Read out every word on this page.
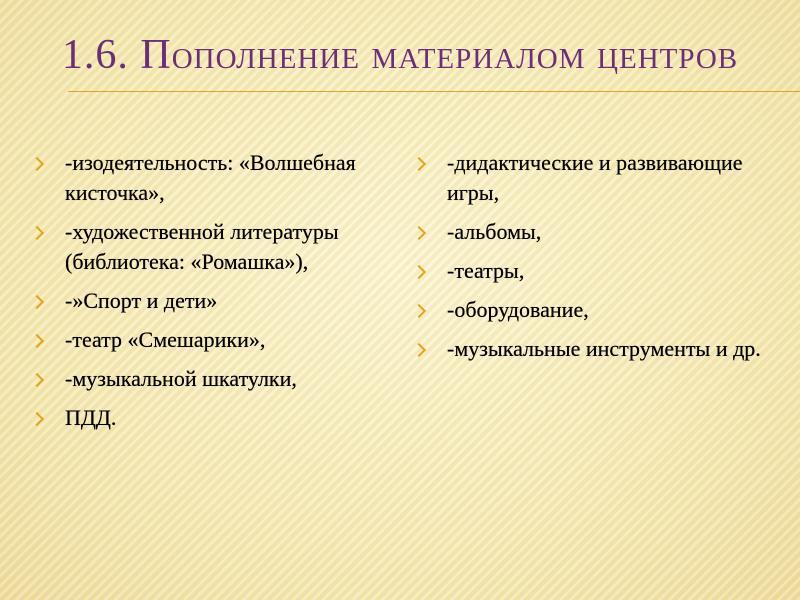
1.6. Пополнение материалом центров
-изодеятельность: «Волшебная кисточка»,
-художественной литературы (библиотека: «Ромашка»),
-»Спорт и дети»
-театр «Смешарики»,
-музыкальной шкатулки,
ПДД.
-дидактические и развивающие игры,
-альбомы,
-театры,
-оборудование,
-музыкальные инструменты и др.
